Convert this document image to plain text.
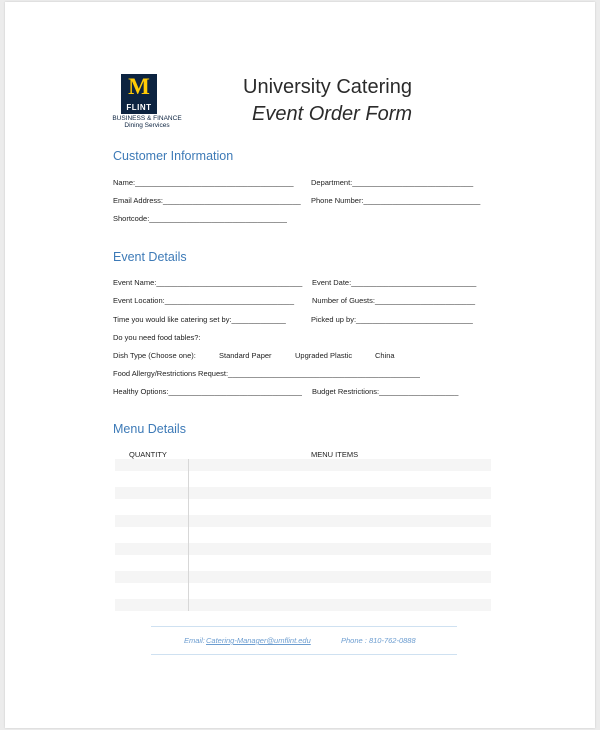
M
FLINT
BUSINESS & FINANCE
Dining Services
University Catering
Event Order Form
Customer Information
Name:______________________________________ Department:_____________________________
Email Address:_________________________________ Phone Number:____________________________
Shortcode:_________________________________
Event Details
Event Name:___________________________________ Event Date:______________________________
Event Location:_______________________________ Number of Guests:________________________
Time you would like catering set by:_____________	Picked up by:____________________________
Do you need food tables?:
Dish Type (Choose one):	Standard Paper	Upgraded Plastic	China
Food Allergy/Restrictions Request:______________________________________________
Healthy Options:________________________________ Budget Restrictions:___________________
Menu Details
QUANTITY	MENU ITEMS
Email: Catering-Manager@umflint.edu	Phone : 810-762-0888
